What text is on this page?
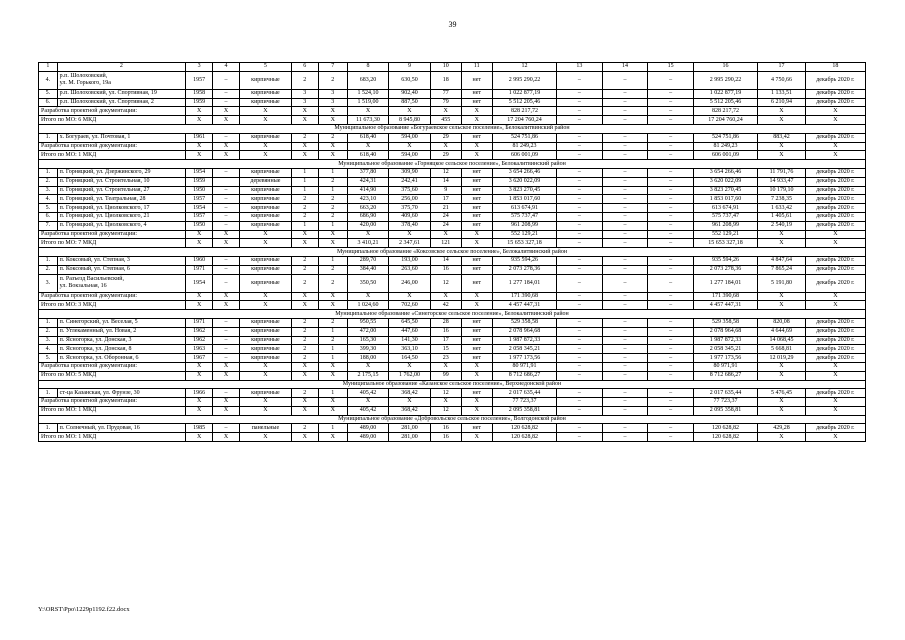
39
1	2	3	4	5	6	7	8	9	10	11	12	13	14	15	16	17	18
4.	р.п. Шолоховский,
ул. М. Горького, 19а	1957	–	кирпичные	2	2	683,20	630,50	18	нет	2 995 290,22	–	–	–	2 995 290,22	4 750,66	декабрь 2020 г.
5.	р.п. Шолоховский, ул. Спортивная, 19	1958	–	кирпичные	3	3	1 524,10	902,40	77	нет	1 022 877,19	–	–	–	1 022 877,19	1 133,51	декабрь 2020 г.
6.	р.п. Шолоховский, ул. Спортивная, 2	1959	–	кирпичные	3	3	1 519,00	887,50	79	нет	5 512 205,46	–	–	–	5 512 205,46	6 210,94	декабрь 2020 г.
Разработка проектной документации:		X	X	X	X	X	X	X	X	X	828 217,72	–	–	–	828 217,72	X	X
Итого по МО: 6 МКД		X	X	X	X	X	11 673,30	8 945,80	455	X	17 204 760,24	–	–	–	17 204 760,24	X	X
Муниципальное образование «Богураевское сельское поселение», Белокалитвинский район																	
1.	х. Богураев, ул. Почтовая, 1	1961	–	кирпичные	2	2	618,40	594,00	29	нет	524 751,86	–	–	–	524 751,86	883,42	декабрь 2020 г.
Разработка проектной документации:		X	X	X	X	X	X	X	X	X	81 249,23	–	–	–	81 249,23	X	X
Итого по МО: 1 МКД		X	X	X	X	X	618,40	594,00	29	X	606 001,09	–	–	–	606 001,09	X	X
Муниципальное образование «Горняцкое сельское поселение», Белокалитвинский район																	
1.	п. Горняцкий, ул. Дзержинского, 29	1954	–	кирпичные	1	1	377,80	309,90	12	нет	3 654 266,46	–	–	–	3 654 266,46	11 791,76	декабрь 2020 г.
2.	п. Горняцкий, ул. Строительная, 10	1959		деревянные	1	2	424,31	242,41	14	нет	3 620 022,09	–	–	–	3 620 022,09	14 933,47	декабрь 2020 г.
3.	п. Горняцкий, ул. Строительная, 27	1950	–	кирпичные	1	1	414,90	375,60	9	нет	3 823 270,45	–	–	–	3 823 270,45	10 179,10	декабрь 2020 г.
4.	п. Горняцкий, ул. Театральная, 28	1957	–	кирпичные	2	2	423,10	256,00	17	нет	1 853 017,60	–	–	–	1 853 017,60	7 238,35	декабрь 2020 г.
5.	п. Горняцкий, ул. Циолковского, 17	1954	–	кирпичные	2	2	663,20	375,70	21	нет	613 674,91	–	–	–	613 674,91	1 633,42	декабрь 2020 г.
6.	п. Горняцкий, ул. Циолковского, 21	1957	–	кирпичные	2	2	686,90	409,60	24	нет	575 737,47	–	–	–	575 737,47	1 405,61	декабрь 2020 г.
7.	п. Горняцкий, ул. Циолковского, 4	1950	–	кирпичные	1	1	420,00	378,40	24	нет	961 208,99	–	–	–	961 208,99	2 540,19	декабрь 2020 г.
Разработка проектной документации:		X	X	X	X	X	X	X	X	X	552 129,21	–	–	–	552 129,21	X	X
Итого по МО: 7 МКД		X	X	X	X	X	3 410,21	2 347,61	121	X	15 653 327,18	–	–	–	15 653 327,18	X	X
Муниципальное образование «Коксовское сельское поселение», Белокалитвинский район																	
1.	п. Коксовый, ул. Степная, 3	1960	–	кирпичные	2	1	289,70	193,00	14	нет	935 594,26	–	–	–	935 594,26	4 847,64	декабрь 2020 г.
2.	п. Коксовый, ул. Степная, 6	1971	–	кирпичные	2	2	384,40	263,60	16	нет	2 073 278,36	–	–	–	2 073 278,36	7 865,24	декабрь 2020 г.
3.	п. Разъезд Васильевский,
ул. Вокзальная, 16	1954	–	кирпичные	2	2	350,50	246,00	12	нет	1 277 184,01	–	–	–	1 277 184,01	5 191,80	декабрь 2020 г.
Разработка проектной документации:		X	X	X	X	X	X	X	X	X	171 390,68	–	–	–	171 390,68	X	X
Итого по МО: 3 МКД		X	X	X	X	X	1 024,60	702,60	42	X	4 457 447,31	–	–	–	4 457 447,31	X	X
Муниципальное образование «Синегорское сельское поселение», Белокалитвинский район																	
1.	п. Синегорский, ул. Веселая, 5	1971	–	кирпичные	2	2	950,55	645,50	28	нет	529 358,58	–	–	–	529 358,58	820,08	декабрь 2020 г.
2.	п. Углекаменный, ул. Новая, 2	1962	–	кирпичные	2	1	472,00	447,60	16	нет	2 078 964,68	–	–	–	2 078 964,68	4 644,69	декабрь 2020 г.
3.	п. Ясногорка, ул. Донская, 3	1962	–	кирпичные	2	2	165,30	141,30	17	нет	1 987 872,33	–	–	–	1 987 872,33	14 068,45	декабрь 2020 г.
4.	п. Ясногорка, ул. Донская, 8	1963	–	кирпичные	2	1	399,30	363,10	15	нет	2 058 345,21	–	–	–	2 058 345,21	5 668,81	декабрь 2020 г.
5.	п. Ясногорка, ул. Оборонная, 6	1967	–	кирпичные	2	1	188,00	164,50	23	нет	1 977 173,56	–	–	–	1 977 173,56	12 019,29	декабрь 2020 г.
Разработка проектной документации:		X	X	X	X	X	X	X	X	X	80 971,91	–	–	–	80 971,91	X	X
Итого по МО: 5 МКД		X	X	X	X	X	2 175,15	1 762,00	99	X	8 712 686,27	–	–	–	8 712 686,27	X	X
Муниципальное образование «Казанское сельское поселение», Верхнедонской район																	
1.	ст-ца Казанская, ул. Фрунзе, 30	1966	–	кирпичные	2	1	405,42	368,42	12	нет	2 017 635,44	–	–	–	2 017 635,44	5 476,45	декабрь 2020 г.
Разработка проектной документации:		X	X	X	X	X	X	X	X	X	77 723,37	–	–	–	77 723,37	X	X
Итого по МО: 1 МКД		X	X	X	X	X	405,42	368,42	12	X	2 095 358,81	–	–	–	2 095 358,81	X	X
Муниципальное образование «Добровольское сельское поселение», Волгодонской район																	
1.	п. Солнечный, ул. Прудовая, 16	1985	–	панельные	2	1	489,00	281,00	16	нет	120 628,82	–	–	–	120 628,82	429,28	декабрь 2020 г.
Итого по МО: 1 МКД		X	X	X	X	X	489,00	281,00	16	X	120 628,82	–	–	–	120 628,82	X	X
Y:\ORST\Ppo\1229p1192.f22.docx
